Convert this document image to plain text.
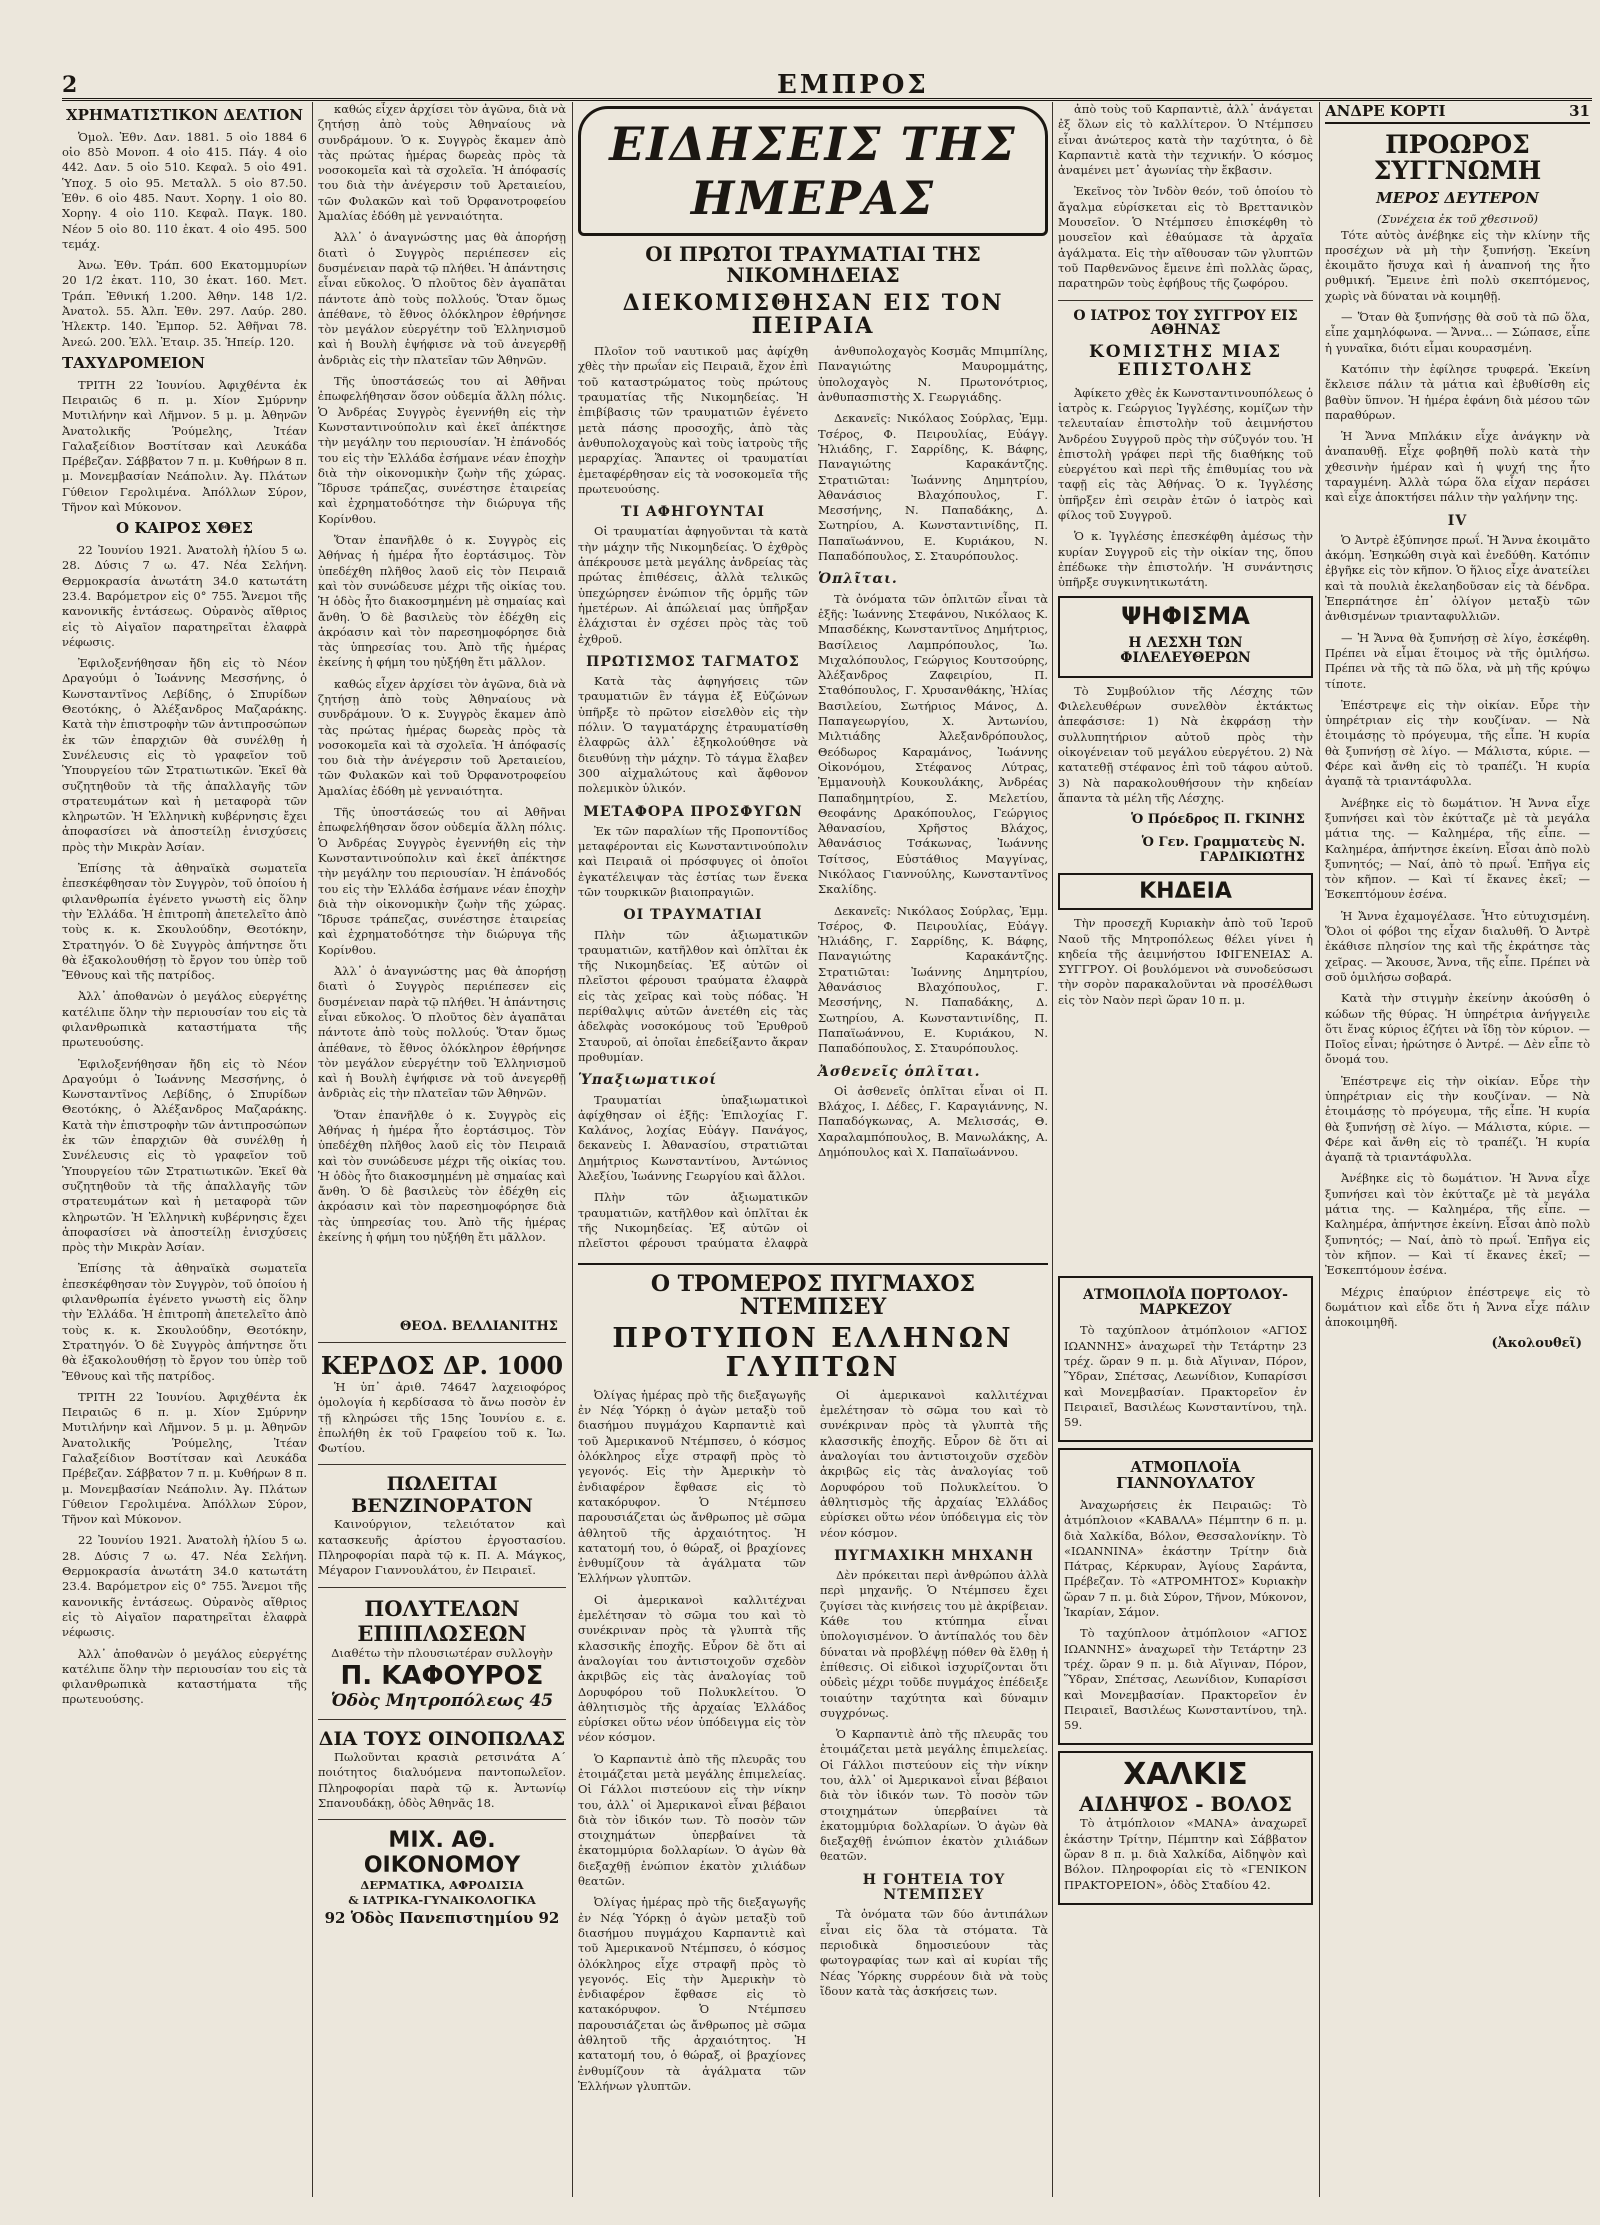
2	ΕΜΠΡΟΣ
ΧΡΗΜΑΤΙΣΤΙΚΟΝ ΔΕΛΤΙΟΝ

Ὁμολ. Ἐθν. Δαν. 1881. 5 οἰο 1884 6 οἰο 85ὸ Μονοπ. 4 οἰο 415. Πάγ. 4 οἰο 442. Δαν. 5 οἰο 510. Κεφαλ. 5 οἰο 491. Ὑποχ. 5 οἰο 95. Μεταλλ. 5 οἰο 87.50. Ἐθν. 6 οἰο 485. Ναυτ. Χορηγ. 1 οἰο 80. Χορηγ. 4 οἰο 110. Κεφαλ. Παγκ. 180. Νέον 5 οἰο 80. 110 ἐκατ. 4 οἰο 495. 500 τεμάχ.

Ἀνω. Ἐθν. Τράπ. 600 Εκατομμυρίων 20 1/2 ἑκατ. 110, 30 ἑκατ. 160. Μετ. Τράπ. Ἐθνική 1.200. Ἀθην. 148 1/2. Ἀνατολ. 55. Ἀλπ. Ἐθν. 297. Λαύρ. 280. Ἡλεκτρ. 140. Ἐμπορ. 52. Ἀθῆναι 78. Ἀνεώ. 200. Ἑλλ. Ἐταιρ. 35. Ἡπείρ. 120.

ΤΑΧΥΔΡΟΜΕΙΟΝ

ΤΡΙΤΗ 22 Ἰουνίου. Ἀφιχθέντα ἐκ Πειραιῶς 6 π. μ. Χίον Σμύρνην Μυτιλήνην καὶ Λῆμνον. 5 μ. μ. Ἀθηνῶν Ἀνατολικῆς Ῥούμελης, Ἰτέαν Γαλαξείδιον Βοστίτσαν καὶ Λευκάδα Πρέβεζαν. Σάββατον 7 π. μ. Κυθήρων 8 π. μ. Μονεμβασίαν Νεάπολιν. Ἀγ. Πλάτων Γύθειον Γερολιμένα. Ἀπόλλων Σύρον, Τῆνον καὶ Μύκονον.

Ο ΚΑΙΡΟΣ ΧΘΕΣ

22 Ἰουνίου 1921. Ἀνατολὴ ἡλίου 5 ω. 28. Δύσις 7 ω. 47. Νέα Σελήνη. Θερμοκρασία ἀνωτάτη 34.0 κατωτάτη 23.4. Βαρόμετρον εἰς 0° 755. Ἄνεμοι τῆς κανονικῆς ἐντάσεως. Οὐρανὸς αἴθριος εἰς τὸ Αἰγαῖον παρατηρεῖται ἐλαφρὰ νέφωσις.

Ἐφιλοξενήθησαν ἤδη εἰς τὸ Νέον Δραγούμι ὁ Ἰωάννης Μεσσήνης, ὁ Κωνσταντῖνος Λεβίδης, ὁ Σπυρίδων Θεοτόκης, ὁ Ἀλέξανδρος Μαζαράκης. Κατὰ τὴν ἐπιστροφὴν τῶν ἀντιπροσώπων ἐκ τῶν ἐπαρχιῶν θὰ συνέλθῃ ἡ Συνέλευσις εἰς τὸ γραφεῖον τοῦ Ὑπουργείου τῶν Στρατιωτικῶν. Ἐκεῖ θὰ συζητηθοῦν τὰ τῆς ἀπαλλαγῆς τῶν στρατευμάτων καὶ ἡ μεταφορὰ τῶν κληρωτῶν. Ἡ Ἑλληνικὴ κυβέρνησις ἔχει ἀποφασίσει νὰ ἀποστείλῃ ἐνισχύσεις πρὸς τὴν Μικρὰν Ἀσίαν.

Ἐπίσης τὰ ἀθηναϊκὰ σωματεῖα ἐπεσκέφθησαν τὸν Συγγρὸν, τοῦ ὁποίου ἡ φιλανθρωπία ἐγένετο γνωστὴ εἰς ὅλην τὴν Ἑλλάδα. Ἡ ἐπιτροπὴ ἀπετελεῖτο ἀπὸ τοὺς κ. κ. Σκουλούδην, Θεοτόκην, Στρατηγόν. Ὁ δὲ Συγγρὸς ἀπήντησε ὅτι θὰ ἐξακολουθήσῃ τὸ ἔργον του ὑπὲρ τοῦ Ἔθνους καὶ τῆς πατρίδος.

Ἀλλ᾽ ἀποθανὼν ὁ μεγάλος εὐεργέτης κατέλιπε ὅλην τὴν περιουσίαν του εἰς τὰ φιλανθρωπικὰ καταστήματα τῆς πρωτευούσης.

Ἐφιλοξενήθησαν ἤδη εἰς τὸ Νέον Δραγούμι ὁ Ἰωάννης Μεσσήνης, ὁ Κωνσταντῖνος Λεβίδης, ὁ Σπυρίδων Θεοτόκης, ὁ Ἀλέξανδρος Μαζαράκης. Κατὰ τὴν ἐπιστροφὴν τῶν ἀντιπροσώπων ἐκ τῶν ἐπαρχιῶν θὰ συνέλθῃ ἡ Συνέλευσις εἰς τὸ γραφεῖον τοῦ Ὑπουργείου τῶν Στρατιωτικῶν. Ἐκεῖ θὰ συζητηθοῦν τὰ τῆς ἀπαλλαγῆς τῶν στρατευμάτων καὶ ἡ μεταφορὰ τῶν κληρωτῶν. Ἡ Ἑλληνικὴ κυβέρνησις ἔχει ἀποφασίσει νὰ ἀποστείλῃ ἐνισχύσεις πρὸς τὴν Μικρὰν Ἀσίαν.

Ἐπίσης τὰ ἀθηναϊκὰ σωματεῖα ἐπεσκέφθησαν τὸν Συγγρὸν, τοῦ ὁποίου ἡ φιλανθρωπία ἐγένετο γνωστὴ εἰς ὅλην τὴν Ἑλλάδα. Ἡ ἐπιτροπὴ ἀπετελεῖτο ἀπὸ τοὺς κ. κ. Σκουλούδην, Θεοτόκην, Στρατηγόν. Ὁ δὲ Συγγρὸς ἀπήντησε ὅτι θὰ ἐξακολουθήσῃ τὸ ἔργον του ὑπὲρ τοῦ Ἔθνους καὶ τῆς πατρίδος.

ΤΡΙΤΗ 22 Ἰουνίου. Ἀφιχθέντα ἐκ Πειραιῶς 6 π. μ. Χίον Σμύρνην Μυτιλήνην καὶ Λῆμνον. 5 μ. μ. Ἀθηνῶν Ἀνατολικῆς Ῥούμελης, Ἰτέαν Γαλαξείδιον Βοστίτσαν καὶ Λευκάδα Πρέβεζαν. Σάββατον 7 π. μ. Κυθήρων 8 π. μ. Μονεμβασίαν Νεάπολιν. Ἀγ. Πλάτων Γύθειον Γερολιμένα. Ἀπόλλων Σύρον, Τῆνον καὶ Μύκονον.

22 Ἰουνίου 1921. Ἀνατολὴ ἡλίου 5 ω. 28. Δύσις 7 ω. 47. Νέα Σελήνη. Θερμοκρασία ἀνωτάτη 34.0 κατωτάτη 23.4. Βαρόμετρον εἰς 0° 755. Ἄνεμοι τῆς κανονικῆς ἐντάσεως. Οὐρανὸς αἴθριος εἰς τὸ Αἰγαῖον παρατηρεῖται ἐλαφρὰ νέφωσις.

Ἀλλ᾽ ἀποθανὼν ὁ μεγάλος εὐεργέτης κατέλιπε ὅλην τὴν περιουσίαν του εἰς τὰ φιλανθρωπικὰ καταστήματα τῆς πρωτευούσης.

καθώς εἶχεν ἀρχίσει τὸν ἀγῶνα, διὰ νὰ ζητήσῃ ἀπὸ τοὺς Ἀθηναίους νὰ συνδράμουν. Ὁ κ. Συγγρὸς ἔκαμεν ἀπὸ τὰς πρώτας ἡμέρας δωρεὰς πρὸς τὰ νοσοκομεῖα καὶ τὰ σχολεῖα. Ἡ ἀπόφασίς του διὰ τὴν ἀνέγερσιν τοῦ Ἀρεταιείου, τῶν Φυλακῶν καὶ τοῦ Ὀρφανοτροφείου Ἀμαλίας ἐδόθη μὲ γενναιότητα.

Ἀλλ᾽ ὁ ἀναγνώστης μας θὰ ἀπορήσῃ διατὶ ὁ Συγγρὸς περιέπεσεν εἰς δυσμένειαν παρὰ τῷ πλήθει. Ἡ ἀπάντησις εἶναι εὔκολος. Ὁ πλοῦτος δὲν ἀγαπᾶται πάντοτε ἀπὸ τοὺς πολλούς. Ὅταν ὅμως ἀπέθανε, τὸ ἔθνος ὁλόκληρον ἐθρήνησε τὸν μεγάλον εὐεργέτην τοῦ Ἑλληνισμοῦ καὶ ἡ Βουλὴ ἐψήφισε νὰ τοῦ ἀνεγερθῇ ἀνδριὰς εἰς τὴν πλατεῖαν τῶν Ἀθηνῶν.

Τῆς ὑποστάσεώς του αἱ Ἀθῆναι ἐπωφελήθησαν ὅσον οὐδεμία ἄλλη πόλις. Ὁ Ἀνδρέας Συγγρὸς ἐγεννήθη εἰς τὴν Κωνσταντινούπολιν καὶ ἐκεῖ ἀπέκτησε τὴν μεγάλην του περιουσίαν. Ἡ ἐπάνοδός του εἰς τὴν Ἑλλάδα ἐσήμανε νέαν ἐποχὴν διὰ τὴν οἰκονομικὴν ζωὴν τῆς χώρας. Ἵδρυσε τράπεζας, συνέστησε ἐταιρείας καὶ ἐχρηματοδότησε τὴν διώρυγα τῆς Κορίνθου.

Ὅταν ἐπανῆλθε ὁ κ. Συγγρὸς εἰς Ἀθήνας ἡ ἡμέρα ἦτο ἑορτάσιμος. Τὸν ὑπεδέχθη πλῆθος λαοῦ εἰς τὸν Πειραιᾶ καὶ τὸν συνώδευσε μέχρι τῆς οἰκίας του. Ἡ ὁδὸς ἦτο διακοσμημένη μὲ σημαίας καὶ ἄνθη. Ὁ δὲ βασιλεὺς τὸν ἐδέχθη εἰς ἀκρόασιν καὶ τὸν παρεσημοφόρησε διὰ τὰς ὑπηρεσίας του. Ἀπὸ τῆς ἡμέρας ἐκείνης ἡ φήμη του ηὐξήθη ἔτι μᾶλλον.

καθώς εἶχεν ἀρχίσει τὸν ἀγῶνα, διὰ νὰ ζητήσῃ ἀπὸ τοὺς Ἀθηναίους νὰ συνδράμουν. Ὁ κ. Συγγρὸς ἔκαμεν ἀπὸ τὰς πρώτας ἡμέρας δωρεὰς πρὸς τὰ νοσοκομεῖα καὶ τὰ σχολεῖα. Ἡ ἀπόφασίς του διὰ τὴν ἀνέγερσιν τοῦ Ἀρεταιείου, τῶν Φυλακῶν καὶ τοῦ Ὀρφανοτροφείου Ἀμαλίας ἐδόθη μὲ γενναιότητα.

Τῆς ὑποστάσεώς του αἱ Ἀθῆναι ἐπωφελήθησαν ὅσον οὐδεμία ἄλλη πόλις. Ὁ Ἀνδρέας Συγγρὸς ἐγεννήθη εἰς τὴν Κωνσταντινούπολιν καὶ ἐκεῖ ἀπέκτησε τὴν μεγάλην του περιουσίαν. Ἡ ἐπάνοδός του εἰς τὴν Ἑλλάδα ἐσήμανε νέαν ἐποχὴν διὰ τὴν οἰκονομικὴν ζωὴν τῆς χώρας. Ἵδρυσε τράπεζας, συνέστησε ἐταιρείας καὶ ἐχρηματοδότησε τὴν διώρυγα τῆς Κορίνθου.

Ἀλλ᾽ ὁ ἀναγνώστης μας θὰ ἀπορήσῃ διατὶ ὁ Συγγρὸς περιέπεσεν εἰς δυσμένειαν παρὰ τῷ πλήθει. Ἡ ἀπάντησις εἶναι εὔκολος. Ὁ πλοῦτος δὲν ἀγαπᾶται πάντοτε ἀπὸ τοὺς πολλούς. Ὅταν ὅμως ἀπέθανε, τὸ ἔθνος ὁλόκληρον ἐθρήνησε τὸν μεγάλον εὐεργέτην τοῦ Ἑλληνισμοῦ καὶ ἡ Βουλὴ ἐψήφισε νὰ τοῦ ἀνεγερθῇ ἀνδριὰς εἰς τὴν πλατεῖαν τῶν Ἀθηνῶν.

Ὅταν ἐπανῆλθε ὁ κ. Συγγρὸς εἰς Ἀθήνας ἡ ἡμέρα ἦτο ἑορτάσιμος. Τὸν ὑπεδέχθη πλῆθος λαοῦ εἰς τὸν Πειραιᾶ καὶ τὸν συνώδευσε μέχρι τῆς οἰκίας του. Ἡ ὁδὸς ἦτο διακοσμημένη μὲ σημαίας καὶ ἄνθη. Ὁ δὲ βασιλεὺς τὸν ἐδέχθη εἰς ἀκρόασιν καὶ τὸν παρεσημοφόρησε διὰ τὰς ὑπηρεσίας του. Ἀπὸ τῆς ἡμέρας ἐκείνης ἡ φήμη του ηὐξήθη ἔτι μᾶλλον.

ΘΕΟΔ. ΒΕΛΛΙΑΝΙΤΗΣ
ΚΕΡΔΟΣ ΔΡ. 1000

Ἡ ὑπ᾽ ἀριθ. 74647 λαχειοφόρος ὁμολογία ἡ κερδίσασα τὸ ἄνω ποσὸν ἐν τῇ κληρώσει τῆς 15ης Ἰουνίου ε. ε. ἐπωλήθη ἐκ τοῦ Γραφείου τοῦ κ. Ἰω. Φωτίου.

ΠΩΛΕΙΤΑΙ ΒΕΝΖΙΝΟΡΑΤΟΝ

Καινούργιον, τελειότατον καὶ κατασκευῆς ἀρίστου ἐργοστασίου. Πληροφορίαι παρὰ τῷ κ. Π. Α. Μάγκος, Μέγαρον Γιαννουλάτου, ἐν Πειραιεῖ.

ΠΟΛΥΤΕΛΩΝ ΕΠΙΠΛΩΣΕΩΝ
Διαθέτω τὴν πλουσιωτέραν συλλογὴν
Π. ΚΑΦΟΥΡΟΣ
Ὁδὸς Μητροπόλεως 45
ΔΙΑ ΤΟΥΣ ΟΙΝΟΠΩΛΑΣ

Πωλοῦνται κρασιὰ ρετσινάτα Α΄ ποιότητος διαλυόμενα παντοπωλεῖον. Πληροφορίαι παρὰ τῷ κ. Ἀντωνίῳ Σπανουδάκῃ, ὁδὸς Ἀθηνᾶς 18.

ΜΙΧ. ΑΘ. ΟΙΚΟΝΟΜΟΥ
ΔΕΡΜΑΤΙΚΑ, ΑΦΡΟΔΙΣΙΑ
& ΙΑΤΡΙΚΑ-ΓΥΝΑΙΚΟΛΟΓΙΚΑ
92 Ὁδὸς Πανεπιστημίου 92
ΕΙΔΗΣΕΙΣ ΤΗΣ ΗΜΕΡΑΣ
ΟΙ ΠΡΩΤΟΙ ΤΡΑΥΜΑΤΙΑΙ ΤΗΣ ΝΙΚΟΜΗΔΕΙΑΣ
ΔΙΕΚΟΜΙΣΘΗΣΑΝ ΕΙΣ ΤΟΝ ΠΕΙΡΑΙΑ

Πλοῖον τοῦ ναυτικοῦ μας ἀφίχθη χθὲς τὴν πρωΐαν εἰς Πειραιᾶ, ἔχον ἐπὶ τοῦ καταστρώματος τοὺς πρώτους τραυματίας τῆς Νικομηδείας. Ἡ ἐπιβίβασις τῶν τραυματιῶν ἐγένετο μετὰ πάσης προσοχῆς, ἀπὸ τὰς ἀνθυπολοχαγοὺς καὶ τοὺς ἰατροὺς τῆς μεραρχίας. Ἅπαντες οἱ τραυματίαι ἐμεταφέρθησαν εἰς τὰ νοσοκομεῖα τῆς πρωτευούσης.

ΤΙ ΑΦΗΓΟΥΝΤΑΙ

Οἱ τραυματίαι ἀφηγοῦνται τὰ κατὰ τὴν μάχην τῆς Νικομηδείας. Ὁ ἐχθρὸς ἀπέκρουσε μετὰ μεγάλης ἀνδρείας τὰς πρώτας ἐπιθέσεις, ἀλλὰ τελικῶς ὑπεχώρησεν ἐνώπιον τῆς ὁρμῆς τῶν ἡμετέρων. Αἱ ἀπώλειαί μας ὑπῆρξαν ἐλάχισται ἐν σχέσει πρὸς τὰς τοῦ ἐχθροῦ.

ΠΡΩΤΙΣΜΟΣ ΤΑΓΜΑΤΟΣ

Κατὰ τὰς ἀφηγήσεις τῶν τραυματιῶν ἓν τάγμα ἐξ Εὐζώνων ὑπῆρξε τὸ πρῶτον εἰσελθὸν εἰς τὴν πόλιν. Ὁ ταγματάρχης ἐτραυματίσθη ἐλαφρῶς ἀλλ᾽ ἐξηκολούθησε νὰ διευθύνῃ τὴν μάχην. Τὸ τάγμα ἔλαβεν 300 αἰχμαλώτους καὶ ἄφθονον πολεμικὸν ὑλικόν.

ΜΕΤΑΦΟΡΑ ΠΡΟΣΦΥΓΩΝ

Ἐκ τῶν παραλίων τῆς Προποντίδος μεταφέρονται εἰς Κωνσταντινούπολιν καὶ Πειραιᾶ οἱ πρόσφυγες οἱ ὁποῖοι ἐγκατέλειψαν τὰς ἑστίας των ἕνεκα τῶν τουρκικῶν βιαιοπραγιῶν.

ΟΙ ΤΡΑΥΜΑΤΙΑΙ

Πλὴν τῶν ἀξιωματικῶν τραυματιῶν, κατῆλθον καὶ ὁπλῖται ἐκ τῆς Νικομηδείας. Ἐξ αὐτῶν οἱ πλεῖστοι φέρουσι τραύματα ἐλαφρὰ εἰς τὰς χεῖρας καὶ τοὺς πόδας. Ἡ περίθαλψις αὐτῶν ἀνετέθη εἰς τὰς ἀδελφὰς νοσοκόμους τοῦ Ἐρυθροῦ Σταυροῦ, αἱ ὁποῖαι ἐπεδείξαντο ἄκραν προθυμίαν.

Ὑπαξιωματικοί

Τραυματίαι ὑπαξιωματικοὶ ἀφίχθησαν οἱ ἑξῆς: Ἐπιλοχίας Γ. Καλάνος, λοχίας Εὐάγγ. Πανάγος, δεκανεὺς Ι. Ἀθανασίου, στρατιῶται Δημήτριος Κωνσταντίνου, Ἀντώνιος Ἀλεξίου, Ἰωάννης Γεωργίου καὶ ἄλλοι.

Πλὴν τῶν ἀξιωματικῶν τραυματιῶν, κατῆλθον καὶ ὁπλῖται ἐκ τῆς Νικομηδείας. Ἐξ αὐτῶν οἱ πλεῖστοι φέρουσι τραύματα ἐλαφρὰ

ἀνθυπολοχαγὸς Κοσμᾶς Μπιμπίλης, Παναγιώτης Μαυρομμάτης, ὑπολοχαγὸς Ν. Πρωτονότριος, ἀνθυπασπιστὴς Χ. Γεωργιάδης.

Δεκανεῖς: Νικόλαος Σούρλας, Ἐμμ. Τσέρος, Φ. Πειρουλίας, Εὐάγγ. Ἠλιάδης, Γ. Σαρρίδης, Κ. Βάφης, Παναγιώτης Καρακάντζης. Στρατιῶται: Ἰωάννης Δημητρίου, Ἀθανάσιος Βλαχόπουλος, Γ. Μεσσήνης, Ν. Παπαδάκης, Δ. Σωτηρίου, Α. Κωνσταντινίδης, Π. Παπαϊωάννου, Ε. Κυριάκου, Ν. Παπαδόπουλος, Σ. Σταυρόπουλος.

Ὁπλῖται.

Τὰ ὀνόματα τῶν ὁπλιτῶν εἶναι τὰ ἑξῆς: Ἰωάννης Στεφάνου, Νικόλαος Κ. Μπασδέκης, Κωνσταντῖνος Δημήτριος, Βασίλειος Λαμπρόπουλος, Ἰω. Μιχαλόπουλος, Γεώργιος Κουτσούρης, Ἀλέξανδρος Ζαφειρίου, Π. Σταθόπουλος, Γ. Χρυσανθάκης, Ἠλίας Βασιλείου, Σωτήριος Μάνος, Δ. Παπαγεωργίου, Χ. Ἀντωνίου, Μιλτιάδης Ἀλεξανδρόπουλος, Θεόδωρος Καραμάνος, Ἰωάννης Οἰκονόμου, Στέφανος Λύτρας, Ἐμμανουὴλ Κουκουλάκης, Ἀνδρέας Παπαδημητρίου, Σ. Μελετίου, Θεοφάνης Δρακόπουλος, Γεώργιος Ἀθανασίου, Χρῆστος Βλάχος, Ἀθανάσιος Τσάκωνας, Ἰωάννης Τσίτσος, Εὐστάθιος Μαγγίνας, Νικόλαος Γιαννούλης, Κωνσταντῖνος Σκαλίδης.

Δεκανεῖς: Νικόλαος Σούρλας, Ἐμμ. Τσέρος, Φ. Πειρουλίας, Εὐάγγ. Ἠλιάδης, Γ. Σαρρίδης, Κ. Βάφης, Παναγιώτης Καρακάντζης. Στρατιῶται: Ἰωάννης Δημητρίου, Ἀθανάσιος Βλαχόπουλος, Γ. Μεσσήνης, Ν. Παπαδάκης, Δ. Σωτηρίου, Α. Κωνσταντινίδης, Π. Παπαϊωάννου, Ε. Κυριάκου, Ν. Παπαδόπουλος, Σ. Σταυρόπουλος.

Ἀσθενεῖς ὁπλῖται.

Οἱ ἀσθενεῖς ὁπλῖται εἶναι οἱ Π. Βλάχος, Ι. Δέδες, Γ. Καραγιάννης, Ν. Παπαδόγκωνας, Α. Μελισσάς, Θ. Χαραλαμπόπουλος, Β. Μανωλάκης, Α. Δημόπουλος καὶ Χ. Παπαϊωάννου.

ἀπὸ τοὺς τοῦ Καρπαντιὲ, ἀλλ᾽ ἀνάγεται ἐξ ὅλων εἰς τὸ καλλίτερον. Ὁ Ντέμπσευ εἶναι ἀνώτερος κατὰ τὴν ταχύτητα, ὁ δὲ Καρπαντιὲ κατὰ τὴν τεχνικήν. Ὁ κόσμος ἀναμένει μετ᾽ ἀγωνίας τὴν ἔκβασιν.

Ἐκεῖνος τὸν Ἰνδὸν θεόν, τοῦ ὁποίου τὸ ἄγαλμα εὑρίσκεται εἰς τὸ Βρεττανικὸν Μουσεῖον. Ὁ Ντέμπσευ ἐπισκέφθη τὸ μουσεῖον καὶ ἐθαύμασε τὰ ἀρχαῖα ἀγάλματα. Εἰς τὴν αἴθουσαν τῶν γλυπτῶν τοῦ Παρθενῶνος ἔμεινε ἐπὶ πολλὰς ὥρας, παρατηρῶν τοὺς ἐφήβους τῆς ζωφόρου.

Ο ΙΑΤΡΟΣ ΤΟΥ ΣΥΓΓΡΟΥ ΕΙΣ ΑΘΗΝΑΣ
ΚΟΜΙΣΤΗΣ ΜΙΑΣ ΕΠΙΣΤΟΛΗΣ

Ἀφίκετο χθὲς ἐκ Κωνσταντινουπόλεως ὁ ἰατρὸς κ. Γεώργιος Ἰγγλέσης, κομίζων τὴν τελευταίαν ἐπιστολὴν τοῦ ἀειμνήστου Ἀνδρέου Συγγροῦ πρὸς τὴν σύζυγόν του. Ἡ ἐπιστολὴ γράφει περὶ τῆς διαθήκης τοῦ εὐεργέτου καὶ περὶ τῆς ἐπιθυμίας του νὰ ταφῇ εἰς τὰς Ἀθήνας. Ὁ κ. Ἰγγλέσης ὑπῆρξεν ἐπὶ σειρὰν ἐτῶν ὁ ἰατρὸς καὶ φίλος τοῦ Συγγροῦ.

Ὁ κ. Ἰγγλέσης ἐπεσκέφθη ἀμέσως τὴν κυρίαν Συγγροῦ εἰς τὴν οἰκίαν της, ὅπου ἐπέδωκε τὴν ἐπιστολήν. Ἡ συνάντησις ὑπῆρξε συγκινητικωτάτη.

ΨΗΦΙΣΜΑ
Η ΛΕΣΧΗ ΤΩΝ ΦΙΛΕΛΕΥΘΕΡΩΝ

Τὸ Συμβούλιον τῆς Λέσχης τῶν Φιλελευθέρων συνελθὸν ἐκτάκτως ἀπεφάσισε: 1) Νὰ ἐκφράσῃ τὴν συλλυπητήριον αὐτοῦ πρὸς τὴν οἰκογένειαν τοῦ μεγάλου εὐεργέτου. 2) Νὰ κατατεθῇ στέφανος ἐπὶ τοῦ τάφου αὐτοῦ. 3) Νὰ παρακολουθήσουν τὴν κηδείαν ἅπαντα τὰ μέλη τῆς Λέσχης.

Ὁ Πρόεδρος Π. ΓΚΙΝΗΣ
Ὁ Γεν. Γραμματεὺς Ν. ΓΑΡΔΙΚΙΩΤΗΣ
ΚΗΔΕΙΑ

Τὴν προσεχῆ Κυριακὴν ἀπὸ τοῦ Ἱεροῦ Ναοῦ τῆς Μητροπόλεως θέλει γίνει ἡ κηδεία τῆς ἀειμνήστου ΙΦΙΓΕΝΕΙΑΣ Α. ΣΥΓΓΡΟΥ. Οἱ βουλόμενοι νὰ συνοδεύσωσι τὴν σορὸν παρακαλοῦνται νὰ προσέλθωσι εἰς τὸν Ναὸν περὶ ὥραν 10 π. μ.

ΑΤΜΟΠΛΟΪΑ ΠΟΡΤΟΛΟΥ-ΜΑΡΚΕΖΟΥ

Τὸ ταχύπλοον ἀτμόπλοιον «ΑΓΙΟΣ ΙΩΑΝΝΗΣ» ἀναχωρεῖ τὴν Τετάρτην 23 τρέχ. ὥραν 9 π. μ. διὰ Αἴγιναν, Πόρον, Ὕδραν, Σπέτσας, Λεωνίδιον, Κυπαρίσσι καὶ Μονεμβασίαν. Πρακτορεῖον ἐν Πειραιεῖ, Βασιλέως Κωνσταντίνου, τηλ. 59.

ΑΤΜΟΠΛΟΪΑ ΓΙΑΝΝΟΥΛΑΤΟΥ

Ἀναχωρήσεις ἐκ Πειραιῶς: Τὸ ἀτμόπλοιον «ΚΑΒΑΛΑ» Πέμπτην 6 π. μ. διὰ Χαλκίδα, Βόλον, Θεσσαλονίκην. Τὸ «ΙΩΑΝΝΙΝΑ» ἑκάστην Τρίτην διὰ Πάτρας, Κέρκυραν, Ἀγίους Σαράντα, Πρέβεζαν. Τὸ «ΑΤΡΟΜΗΤΟΣ» Κυριακὴν ὥραν 7 π. μ. διὰ Σύρον, Τῆνον, Μύκονον, Ἰκαρίαν, Σάμον.

Τὸ ταχύπλοον ἀτμόπλοιον «ΑΓΙΟΣ ΙΩΑΝΝΗΣ» ἀναχωρεῖ τὴν Τετάρτην 23 τρέχ. ὥραν 9 π. μ. διὰ Αἴγιναν, Πόρον, Ὕδραν, Σπέτσας, Λεωνίδιον, Κυπαρίσσι καὶ Μονεμβασίαν. Πρακτορεῖον ἐν Πειραιεῖ, Βασιλέως Κωνσταντίνου, τηλ. 59.

ΧΑΛΚΙΣ
ΑΙΔΗΨΟΣ - ΒΟΛΟΣ

Τὸ ἀτμόπλοιον «ΜΑΝΑ» ἀναχωρεῖ ἑκάστην Τρίτην, Πέμπτην καὶ Σάββατον ὥραν 8 π. μ. διὰ Χαλκίδα, Αἰδηψὸν καὶ Βόλον. Πληροφορίαι εἰς τὸ «ΓΕΝΙΚΟΝ ΠΡΑΚΤΟΡΕΙΟΝ», ὁδὸς Σταδίου 42.

Ο ΤΡΟΜΕΡΟΣ ΠΥΓΜΑΧΟΣ ΝΤΕΜΠΣΕΥ
ΠΡΟΤΥΠΟΝ ΕΛΛΗΝΩΝ ΓΛΥΠΤΩΝ

Ὀλίγας ἡμέρας πρὸ τῆς διεξαγωγῆς ἐν Νέᾳ Ὑόρκῃ ὁ ἀγὼν μεταξὺ τοῦ διασήμου πυγμάχου Καρπαντιὲ καὶ τοῦ Ἀμερικανοῦ Ντέμπσευ, ὁ κόσμος ὁλόκληρος εἶχε στραφῆ πρὸς τὸ γεγονός. Εἰς τὴν Ἀμερικὴν τὸ ἐνδιαφέρον ἔφθασε εἰς τὸ κατακόρυφον. Ὁ Ντέμπσευ παρουσιάζεται ὡς ἄνθρωπος μὲ σῶμα ἀθλητοῦ τῆς ἀρχαιότητος. Ἡ κατατομή του, ὁ θώραξ, οἱ βραχίονες ἐνθυμίζουν τὰ ἀγάλματα τῶν Ἑλλήνων γλυπτῶν.

Οἱ ἀμερικανοὶ καλλιτέχναι ἐμελέτησαν τὸ σῶμα του καὶ τὸ συνέκριναν πρὸς τὰ γλυπτὰ τῆς κλασσικῆς ἐποχῆς. Εὗρον δὲ ὅτι αἱ ἀναλογίαι του ἀντιστοιχοῦν σχεδὸν ἀκριβῶς εἰς τὰς ἀναλογίας τοῦ Δορυφόρου τοῦ Πολυκλείτου. Ὁ ἀθλητισμὸς τῆς ἀρχαίας Ἑλλάδος εὑρίσκει οὕτω νέον ὑπόδειγμα εἰς τὸν νέον κόσμον.

Ὁ Καρπαντιὲ ἀπὸ τῆς πλευρᾶς του ἐτοιμάζεται μετὰ μεγάλης ἐπιμελείας. Οἱ Γάλλοι πιστεύουν εἰς τὴν νίκην του, ἀλλ᾽ οἱ Ἀμερικανοὶ εἶναι βέβαιοι διὰ τὸν ἰδικόν των. Τὸ ποσὸν τῶν στοιχημάτων ὑπερβαίνει τὰ ἑκατομμύρια δολλαρίων. Ὁ ἀγὼν θὰ διεξαχθῇ ἐνώπιον ἑκατὸν χιλιάδων θεατῶν.

Ὀλίγας ἡμέρας πρὸ τῆς διεξαγωγῆς ἐν Νέᾳ Ὑόρκῃ ὁ ἀγὼν μεταξὺ τοῦ διασήμου πυγμάχου Καρπαντιὲ καὶ τοῦ Ἀμερικανοῦ Ντέμπσευ, ὁ κόσμος ὁλόκληρος εἶχε στραφῆ πρὸς τὸ γεγονός. Εἰς τὴν Ἀμερικὴν τὸ ἐνδιαφέρον ἔφθασε εἰς τὸ κατακόρυφον. Ὁ Ντέμπσευ παρουσιάζεται ὡς ἄνθρωπος μὲ σῶμα ἀθλητοῦ τῆς ἀρχαιότητος. Ἡ κατατομή του, ὁ θώραξ, οἱ βραχίονες ἐνθυμίζουν τὰ ἀγάλματα τῶν Ἑλλήνων γλυπτῶν.

Οἱ ἀμερικανοὶ καλλιτέχναι ἐμελέτησαν τὸ σῶμα του καὶ τὸ συνέκριναν πρὸς τὰ γλυπτὰ τῆς κλασσικῆς ἐποχῆς. Εὗρον δὲ ὅτι αἱ ἀναλογίαι του ἀντιστοιχοῦν σχεδὸν ἀκριβῶς εἰς τὰς ἀναλογίας τοῦ Δορυφόρου τοῦ Πολυκλείτου. Ὁ ἀθλητισμὸς τῆς ἀρχαίας Ἑλλάδος εὑρίσκει οὕτω νέον ὑπόδειγμα εἰς τὸν νέον κόσμον.

ΠΥΓΜΑΧΙΚΗ ΜΗΧΑΝΗ

Δὲν πρόκειται περὶ ἀνθρώπου ἀλλὰ περὶ μηχανῆς. Ὁ Ντέμπσευ ἔχει ζυγίσει τὰς κινήσεις του μὲ ἀκρίβειαν. Κάθε του κτύπημα εἶναι ὑπολογισμένον. Ὁ ἀντίπαλός του δὲν δύναται νὰ προβλέψῃ πόθεν θὰ ἔλθῃ ἡ ἐπίθεσις. Οἱ εἰδικοὶ ἰσχυρίζονται ὅτι οὐδεὶς μέχρι τοῦδε πυγμάχος ἐπέδειξε τοιαύτην ταχύτητα καὶ δύναμιν συγχρόνως.

Ὁ Καρπαντιὲ ἀπὸ τῆς πλευρᾶς του ἐτοιμάζεται μετὰ μεγάλης ἐπιμελείας. Οἱ Γάλλοι πιστεύουν εἰς τὴν νίκην του, ἀλλ᾽ οἱ Ἀμερικανοὶ εἶναι βέβαιοι διὰ τὸν ἰδικόν των. Τὸ ποσὸν τῶν στοιχημάτων ὑπερβαίνει τὰ ἑκατομμύρια δολλαρίων. Ὁ ἀγὼν θὰ διεξαχθῇ ἐνώπιον ἑκατὸν χιλιάδων θεατῶν.

Η ΓΟΗΤΕΙΑ ΤΟΥ ΝΤΕΜΠΣΕΥ

Τὰ ὀνόματα τῶν δύο ἀντιπάλων εἶναι εἰς ὅλα τὰ στόματα. Τὰ περιοδικὰ δημοσιεύουν τὰς φωτογραφίας των καὶ αἱ κυρίαι τῆς Νέας Ὑόρκης συρρέουν διὰ νὰ τοὺς ἴδουν κατὰ τὰς ἀσκήσεις των.

ΑΝΔΡΕ ΚΟΡΤΙ	31
ΠΡΟΩΡΟΣ ΣΥΓΓΝΩΜΗ
ΜΕΡΟΣ ΔΕΥΤΕΡΟΝ
(Συνέχεια ἐκ τοῦ χθεσινοῦ)

Τότε αὐτὸς ἀνέβηκε εἰς τὴν κλίνην τῆς προσέχων νὰ μὴ τὴν ξυπνήσῃ. Ἐκείνη ἐκοιμᾶτο ἥσυχα καὶ ἡ ἀναπνοή της ἦτο ρυθμική. Ἔμεινε ἐπὶ πολὺ σκεπτόμενος, χωρὶς νὰ δύναται νὰ κοιμηθῇ.

— Ὅταν θὰ ξυπνήσῃς θὰ σοῦ τὰ πῶ ὅλα, εἶπε χαμηλόφωνα. — Ἄννα... — Σώπασε, εἶπε ἡ γυναῖκα, διότι εἶμαι κουρασμένη.

Κατόπιν τὴν ἐφίλησε τρυφερά. Ἐκείνη ἔκλεισε πάλιν τὰ μάτια καὶ ἐβυθίσθη εἰς βαθὺν ὕπνον. Ἡ ἡμέρα ἐφάνη διὰ μέσου τῶν παραθύρων.

Ἡ Ἄννα Μπλάκιν εἶχε ἀνάγκην νὰ ἀναπαυθῇ. Εἶχε φοβηθῆ πολὺ κατὰ τὴν χθεσινὴν ἡμέραν καὶ ἡ ψυχή της ἦτο ταραγμένη. Ἀλλὰ τώρα ὅλα εἶχαν περάσει καὶ εἶχε ἀποκτήσει πάλιν τὴν γαλήνην της.

IV

Ὁ Ἀντρὲ ἐξύπνησε πρωΐ. Ἡ Ἄννα ἐκοιμᾶτο ἀκόμη. Ἐσηκώθη σιγὰ καὶ ἐνεδύθη. Κατόπιν ἐβγῆκε εἰς τὸν κῆπον. Ὁ ἥλιος εἶχε ἀνατείλει καὶ τὰ πουλιὰ ἐκελαηδοῦσαν εἰς τὰ δένδρα. Ἐπερπάτησε ἐπ᾽ ὀλίγον μεταξὺ τῶν ἀνθισμένων τριανταφυλλιῶν.

— Ἡ Ἄννα θὰ ξυπνήσῃ σὲ λίγο, ἐσκέφθη. Πρέπει νὰ εἶμαι ἕτοιμος νὰ τῆς ὁμιλήσω. Πρέπει νὰ τῆς τὰ πῶ ὅλα, νὰ μὴ τῆς κρύψω τίποτε.

Ἐπέστρεψε εἰς τὴν οἰκίαν. Εὗρε τὴν ὑπηρέτριαν εἰς τὴν κουζίναν. — Νὰ ἑτοιμάσῃς τὸ πρόγευμα, τῆς εἶπε. Ἡ κυρία θὰ ξυπνήσῃ σὲ λίγο. — Μάλιστα, κύριε. — Φέρε καὶ ἄνθη εἰς τὸ τραπέζι. Ἡ κυρία ἀγαπᾷ τὰ τριαντάφυλλα.

Ἀνέβηκε εἰς τὸ δωμάτιον. Ἡ Ἄννα εἶχε ξυπνήσει καὶ τὸν ἐκύτταζε μὲ τὰ μεγάλα μάτια της. — Καλημέρα, τῆς εἶπε. — Καλημέρα, ἀπήντησε ἐκείνη. Εἶσαι ἀπὸ πολὺ ξυπνητός; — Ναί, ἀπὸ τὸ πρωΐ. Ἐπῆγα εἰς τὸν κῆπον. — Καὶ τί ἔκανες ἐκεῖ; — Ἐσκεπτόμουν ἐσένα.

Ἡ Ἄννα ἐχαμογέλασε. Ἦτο εὐτυχισμένη. Ὅλοι οἱ φόβοι της εἶχαν διαλυθῆ. Ὁ Ἀντρὲ ἐκάθισε πλησίον της καὶ τῆς ἐκράτησε τὰς χεῖρας. — Ἄκουσε, Ἄννα, τῆς εἶπε. Πρέπει νὰ σοῦ ὁμιλήσω σοβαρά.

Κατὰ τὴν στιγμὴν ἐκείνην ἀκούσθη ὁ κώδων τῆς θύρας. Ἡ ὑπηρέτρια ἀνήγγειλε ὅτι ἕνας κύριος ἐζήτει νὰ ἴδῃ τὸν κύριον. — Ποῖος εἶναι; ἠρώτησε ὁ Ἀντρέ. — Δὲν εἶπε τὸ ὄνομά του.

Ἐπέστρεψε εἰς τὴν οἰκίαν. Εὗρε τὴν ὑπηρέτριαν εἰς τὴν κουζίναν. — Νὰ ἑτοιμάσῃς τὸ πρόγευμα, τῆς εἶπε. Ἡ κυρία θὰ ξυπνήσῃ σὲ λίγο. — Μάλιστα, κύριε. — Φέρε καὶ ἄνθη εἰς τὸ τραπέζι. Ἡ κυρία ἀγαπᾷ τὰ τριαντάφυλλα.

Ἀνέβηκε εἰς τὸ δωμάτιον. Ἡ Ἄννα εἶχε ξυπνήσει καὶ τὸν ἐκύτταζε μὲ τὰ μεγάλα μάτια της. — Καλημέρα, τῆς εἶπε. — Καλημέρα, ἀπήντησε ἐκείνη. Εἶσαι ἀπὸ πολὺ ξυπνητός; — Ναί, ἀπὸ τὸ πρωΐ. Ἐπῆγα εἰς τὸν κῆπον. — Καὶ τί ἔκανες ἐκεῖ; — Ἐσκεπτόμουν ἐσένα.

Μέχρις ἐπαύριον ἐπέστρεψε εἰς τὸ δωμάτιον καὶ εἶδε ὅτι ἡ Ἄννα εἶχε πάλιν ἀποκοιμηθῆ.

(Ἀκολουθεῖ)
